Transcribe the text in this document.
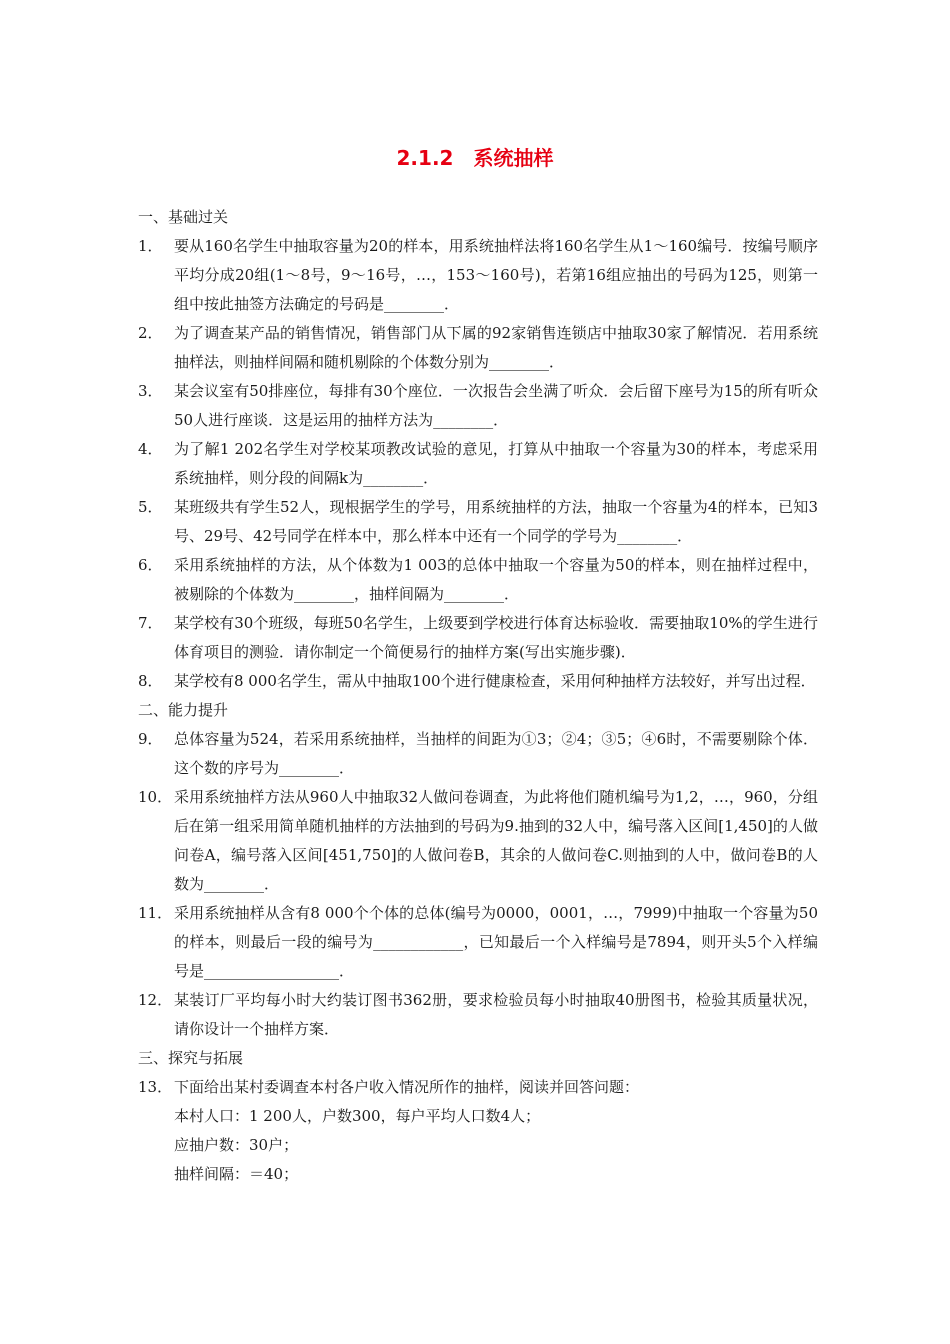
2.1.2　系统抽样
一、基础过关
1． 要从160名学生中抽取容量为20的样本，用系统抽样法将160名学生从1～160编号．按编号顺序平均分成20组(1～8号，9～16号，…，153～160号)，若第16组应抽出的号码为125，则第一组中按此抽签方法确定的号码是________．
2． 为了调查某产品的销售情况，销售部门从下属的92家销售连锁店中抽取30家了解情况．若用系统抽样法，则抽样间隔和随机剔除的个体数分别为________．
3． 某会议室有50排座位，每排有30个座位．一次报告会坐满了听众．会后留下座号为15的所有听众50人进行座谈．这是运用的抽样方法为________．
4． 为了解1 202名学生对学校某项教改试验的意见，打算从中抽取一个容量为30的样本，考虑采用系统抽样，则分段的间隔k为________．
5． 某班级共有学生52人，现根据学生的学号，用系统抽样的方法，抽取一个容量为4的样本，已知3号、29号、42号同学在样本中，那么样本中还有一个同学的学号为________．
6． 采用系统抽样的方法，从个体数为1 003的总体中抽取一个容量为50的样本，则在抽样过程中，被剔除的个体数为________，抽样间隔为________．
7． 某学校有30个班级，每班50名学生，上级要到学校进行体育达标验收．需要抽取10%的学生进行体育项目的测验．请你制定一个简便易行的抽样方案(写出实施步骤)．
8． 某学校有8 000名学生，需从中抽取100个进行健康检查，采用何种抽样方法较好，并写出过程．
二、能力提升
9． 总体容量为524，若采用系统抽样，当抽样的间距为①3；②4；③5；④6时，不需要剔除个体．这个数的序号为________．
10． 采用系统抽样方法从960人中抽取32人做问卷调查，为此将他们随机编号为1,2，…，960，分组后在第一组采用简单随机抽样的方法抽到的号码为9.抽到的32人中，编号落入区间[1,450]的人做问卷A，编号落入区间[451,750]的人做问卷B，其余的人做问卷C.则抽到的人中，做问卷B的人数为________．
11． 采用系统抽样从含有8 000个个体的总体(编号为0000，0001，…，7999)中抽取一个容量为50的样本，则最后一段的编号为____________，已知最后一个入样编号是7894，则开头5个入样编号是__________________．
12． 某装订厂平均每小时大约装订图书362册，要求检验员每小时抽取40册图书，检验其质量状况，请你设计一个抽样方案．
三、探究与拓展
13． 下面给出某村委调查本村各户收入情况所作的抽样，阅读并回答问题：
本村人口：1 200人，户数300，每户平均人口数4人；
应抽户数：30户；
抽样间隔：＝40；
